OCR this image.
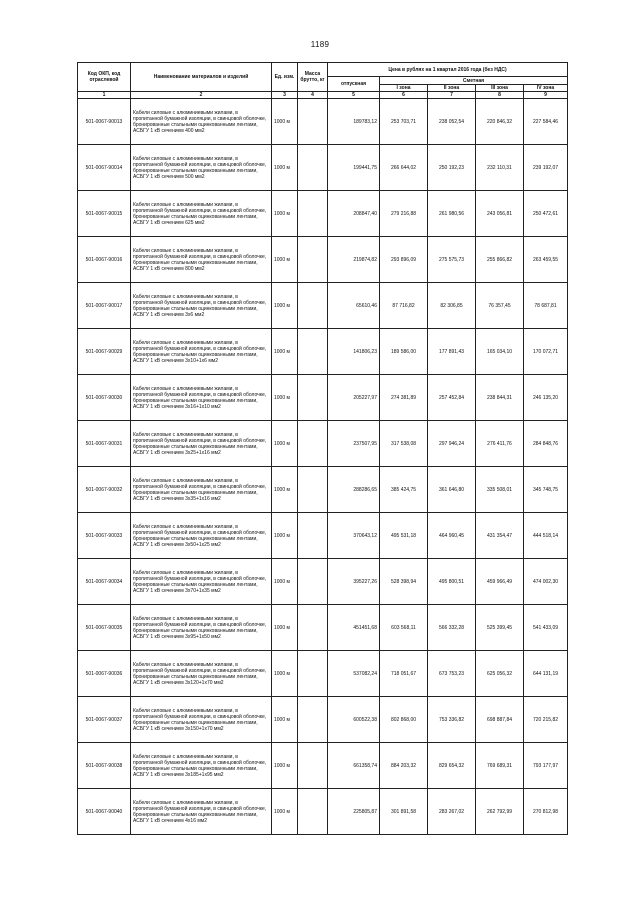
1189
Код ОКП, код отраслевой	Наименование материалов и изделий	Ед. изм.	Масса брутто, кг	Цена в рублях на 1 квартал 2016 года (без НДС)				
				отпускная	Сметная			
					I зона	II зона	III зона	IV зона
1	2	3	4	5	6	7	8	9
501-0067-90013	Кабели силовые с алюминиевыми жилами, в пропитанной бумажной изоляции, в свинцовой оболочке, бронированные стальными оцинкованными лентами, АСБГУ 1 кВ сечением 400 мм2	1000 м		189783,12	253 703,71	238 052,54	220 846,32	227 584,46
501-0067-90014	Кабели силовые с алюминиевыми жилами, в пропитанной бумажной изоляции, в свинцовой оболочке, бронированные стальными оцинкованными лентами, АСБГУ 1 кВ сечением 500 мм2	1000 м		199441,75	266 644,02	250 192,23	232 110,31	239 192,07
501-0067-90015	Кабели силовые с алюминиевыми жилами, в пропитанной бумажной изоляции, в свинцовой оболочке, бронированные стальными оцинкованными лентами, АСБГУ 1 кВ сечением 625 мм2	1000 м		208847,40	279 216,88	261 980,56	243 056,81	250 472,61
501-0067-90016	Кабели силовые с алюминиевыми жилами, в пропитанной бумажной изоляции, в свинцовой оболочке, бронированные стальными оцинкованными лентами, АСБГУ 1 кВ сечением 800 мм2	1000 м		219874,82	293 896,09	275 575,73	255 866,82	263 459,55
501-0067-90017	Кабели силовые с алюминиевыми жилами, в пропитанной бумажной изоляции, в свинцовой оболочке, бронированные стальными оцинкованными лентами, АСБГУ 1 кВ сечением 3х6 мм2	1000 м		65610,46	87 716,82	82 306,85	76 357,45	78 687,81
501-0067-90029	Кабели силовые с алюминиевыми жилами, в пропитанной бумажной изоляции, в свинцовой оболочке, бронированные стальными оцинкованными лентами, АСБГУ 1 кВ сечением 3х10+1х6 мм2	1000 м		141806,23	189 586,00	177 891,43	165 034,10	170 072,71
501-0067-90030	Кабели силовые с алюминиевыми жилами, в пропитанной бумажной изоляции, в свинцовой оболочке, бронированные стальными оцинкованными лентами, АСБГУ 1 кВ сечением 3х16+1х10 мм2	1000 м		205227,97	274 381,89	257 452,84	238 844,31	246 135,20
501-0067-90031	Кабели силовые с алюминиевыми жилами, в пропитанной бумажной изоляции, в свинцовой оболочке, бронированные стальными оцинкованными лентами, АСБГУ 1 кВ сечением 3х25+1х16 мм2	1000 м		237507,95	317 538,08	297 946,24	276 411,76	284 848,76
501-0067-90032	Кабели силовые с алюминиевыми жилами, в пропитанной бумажной изоляции, в свинцовой оболочке, бронированные стальными оцинкованными лентами, АСБГУ 1 кВ сечением 3х35+1х16 мм2	1000 м		288286,65	385 424,75	361 646,80	335 508,01	345 748,75
501-0067-90033	Кабели силовые с алюминиевыми жилами, в пропитанной бумажной изоляции, в свинцовой оболочке, бронированные стальными оцинкованными лентами, АСБГУ 1 кВ сечением 3х50+1х25 мм2	1000 м		370643,12	495 531,18	464 960,45	431 354,47	444 518,14
501-0067-90034	Кабели силовые с алюминиевыми жилами, в пропитанной бумажной изоляции, в свинцовой оболочке, бронированные стальными оцинкованными лентами, АСБГУ 1 кВ сечением 3х70+1х35 мм2	1000 м		395227,26	528 398,94	495 800,51	459 966,49	474 002,30
501-0067-90035	Кабели силовые с алюминиевыми жилами, в пропитанной бумажной изоляции, в свинцовой оболочке, бронированные стальными оцинкованными лентами, АСБГУ 1 кВ сечением 3х95+1х50 мм2	1000 м		451451,68	603 568,11	566 332,28	525 399,45	541 433,09
501-0067-90036	Кабели силовые с алюминиевыми жилами, в пропитанной бумажной изоляции, в свинцовой оболочке, бронированные стальными оцинкованными лентами, АСБГУ 1 кВ сечением 3х120+1х70 мм2	1000 м		537082,24	718 051,67	673 753,23	625 056,32	644 131,19
501-0067-90037	Кабели силовые с алюминиевыми жилами, в пропитанной бумажной изоляции, в свинцовой оболочке, бронированные стальными оцинкованными лентами, АСБГУ 1 кВ сечением 3х150+1х70 мм2	1000 м		600522,38	802 868,00	753 336,82	698 887,84	720 215,82
501-0067-90038	Кабели силовые с алюминиевыми жилами, в пропитанной бумажной изоляции, в свинцовой оболочке, бронированные стальными оцинкованными лентами, АСБГУ 1 кВ сечением 3х185+1х95 мм2	1000 м		661358,74	884 203,32	829 654,32	769 689,31	793 177,97
501-0067-90040	Кабели силовые с алюминиевыми жилами, в пропитанной бумажной изоляции, в свинцовой оболочке, бронированные стальными оцинкованными лентами, АСБГУ 1 кВ сечением 4х16 мм2	1000 м		225805,87	301 891,58	283 267,02	262 792,99	270 812,98
